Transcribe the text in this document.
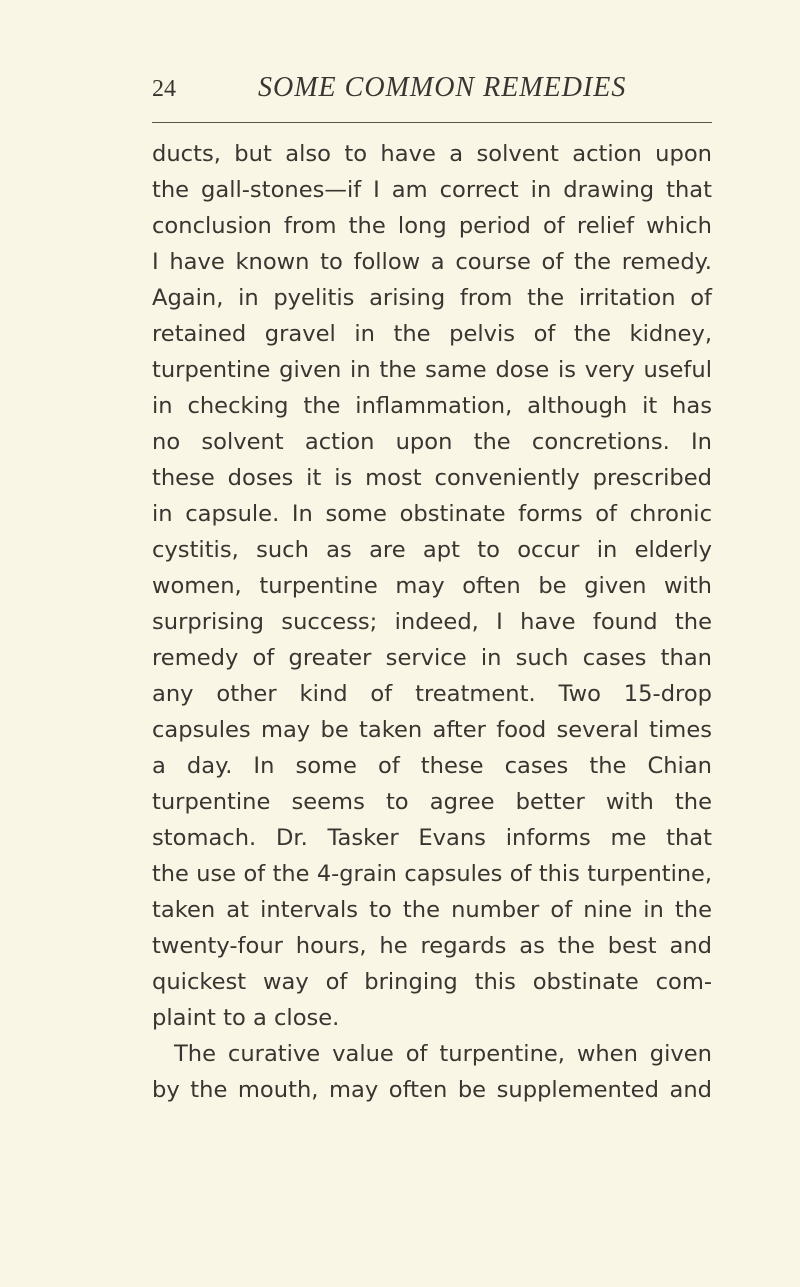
24	SOME COMMON REMEDIES
ducts, but also to have a solvent action upon
the gall-stones—if I am correct in drawing that
conclusion from the long period of relief which
I have known to follow a course of the remedy.
Again, in pyelitis arising from the irritation of
retained gravel in the pelvis of the kidney,
turpentine given in the same dose is very useful
in checking the inflammation, although it has
no solvent action upon the concretions. In
these doses it is most conveniently prescribed
in capsule. In some obstinate forms of chronic
cystitis, such as are apt to occur in elderly
women, turpentine may often be given with
surprising success; indeed, I have found the
remedy of greater service in such cases than
any other kind of treatment. Two 15-drop
capsules may be taken after food several times
a day. In some of these cases the Chian
turpentine seems to agree better with the
stomach. Dr. Tasker Evans informs me that
the use of the 4-grain capsules of this turpentine,
taken at intervals to the number of nine in the
twenty-four hours, he regards as the best and
quickest way of bringing this obstinate com-
plaint to a close.
The curative value of turpentine, when given
by the mouth, may often be supplemented and
